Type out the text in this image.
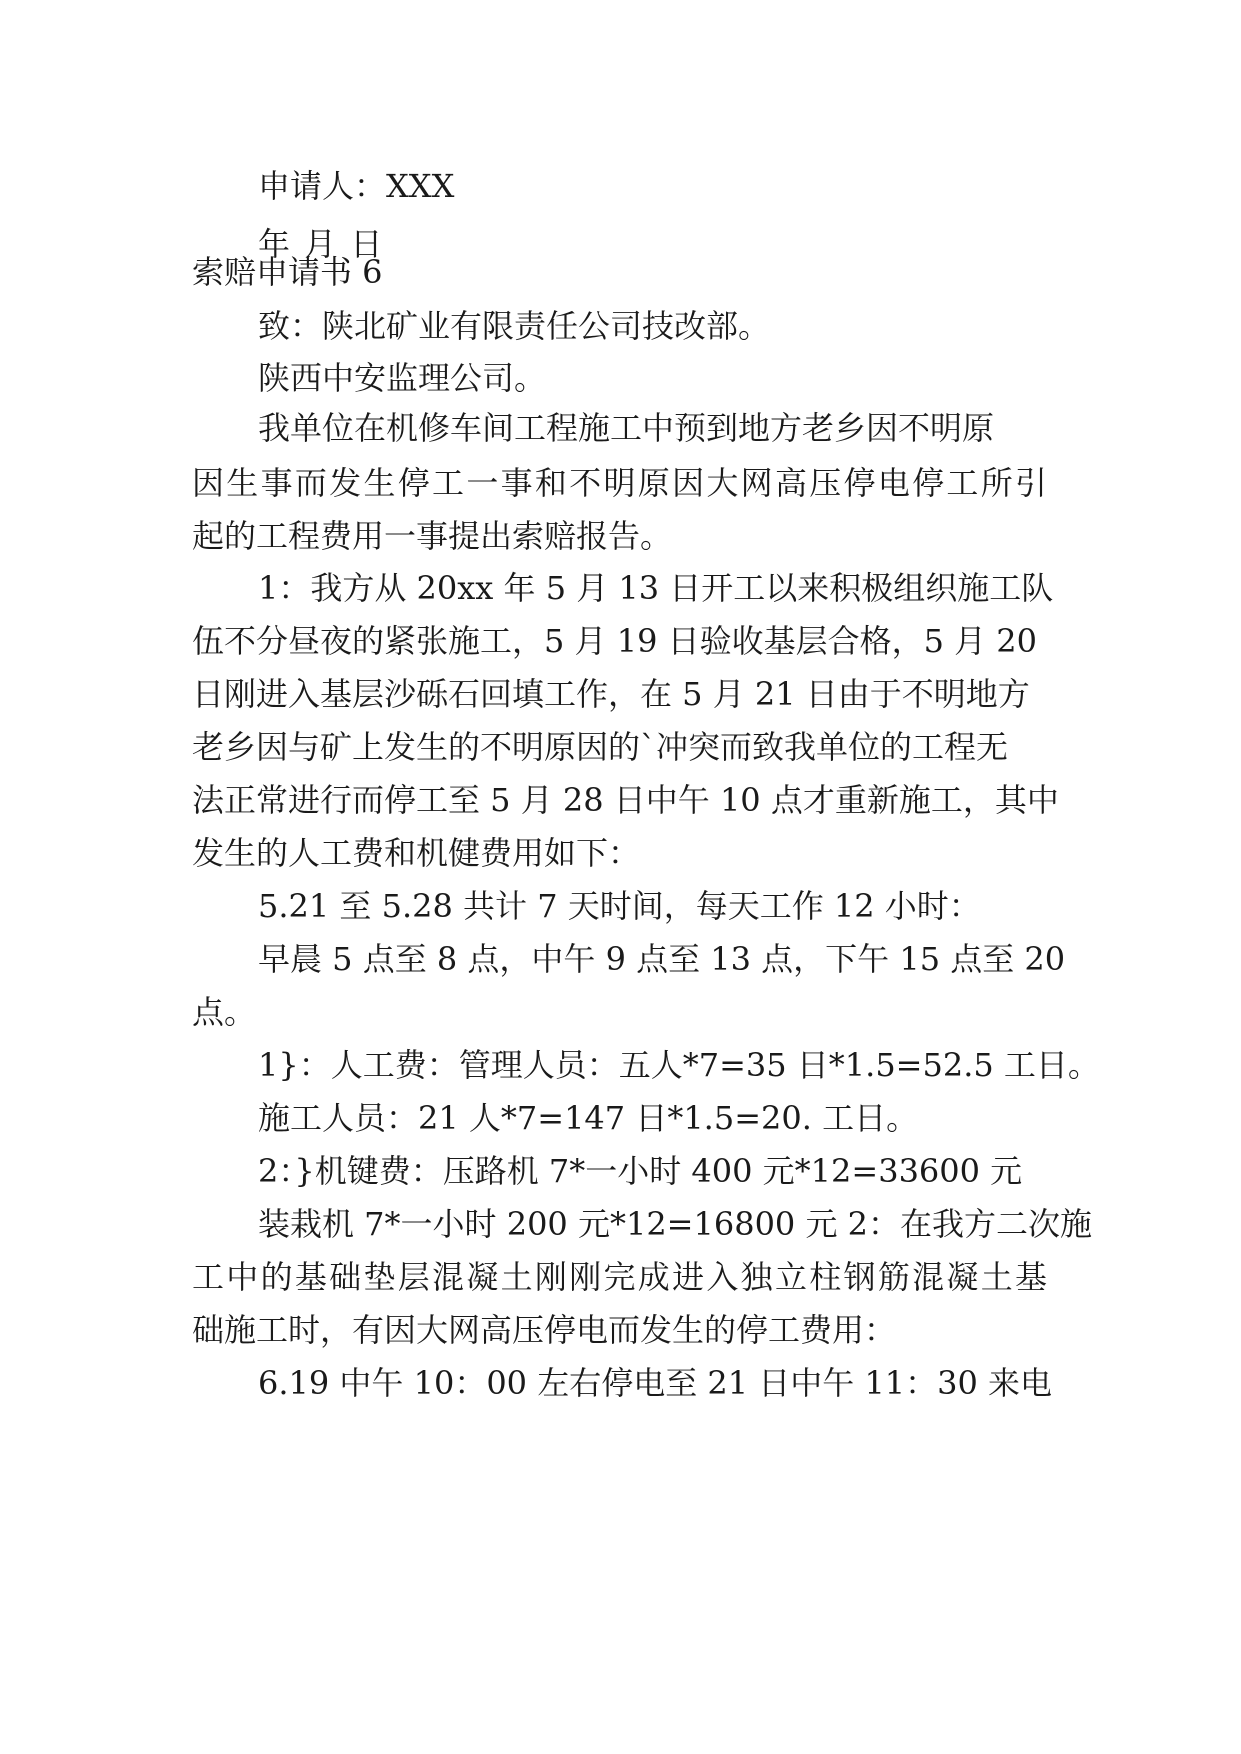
申请人：XXX
年 月 日
索赔申请书 6
致：陕北矿业有限责任公司技改部。
陕西中安监理公司。
我单位在机修车间工程施工中预到地方老乡因不明原
因生事而发生停工一事和不明原因大网高压停电停工所引
起的工程费用一事提出索赔报告。
1：我方从 20xx 年 5 月 13 日开工以来积极组织施工队
伍不分昼夜的紧张施工，5 月 19 日验收基层合格，5 月 20
日刚进入基层沙砾石回填工作，在 5 月 21 日由于不明地方
老乡因与矿上发生的不明原因的`冲突而致我单位的工程无
法正常进行而停工至 5 月 28 日中午 10 点才重新施工，其中
发生的人工费和机健费用如下：
5.21 至 5.28 共计 7 天时间，每天工作 12 小时：
早晨 5 点至 8 点，中午 9 点至 13 点，下午 15 点至 20
点。
1}：人工费：管理人员：五人*7=35 日*1.5=52.5 工日。
施工人员：21 人*7=147 日*1.5=20. 工日。
2：}机键费：压路机 7*一小时 400 元*12=33600 元
装栽机 7*一小时 200 元*12=16800 元 2：在我方二次施
工中的基础垫层混凝土刚刚完成进入独立柱钢筋混凝土基
础施工时，有因大网高压停电而发生的停工费用：
6.19 中午 10：00 左右停电至 21 日中午 11：30 来电
